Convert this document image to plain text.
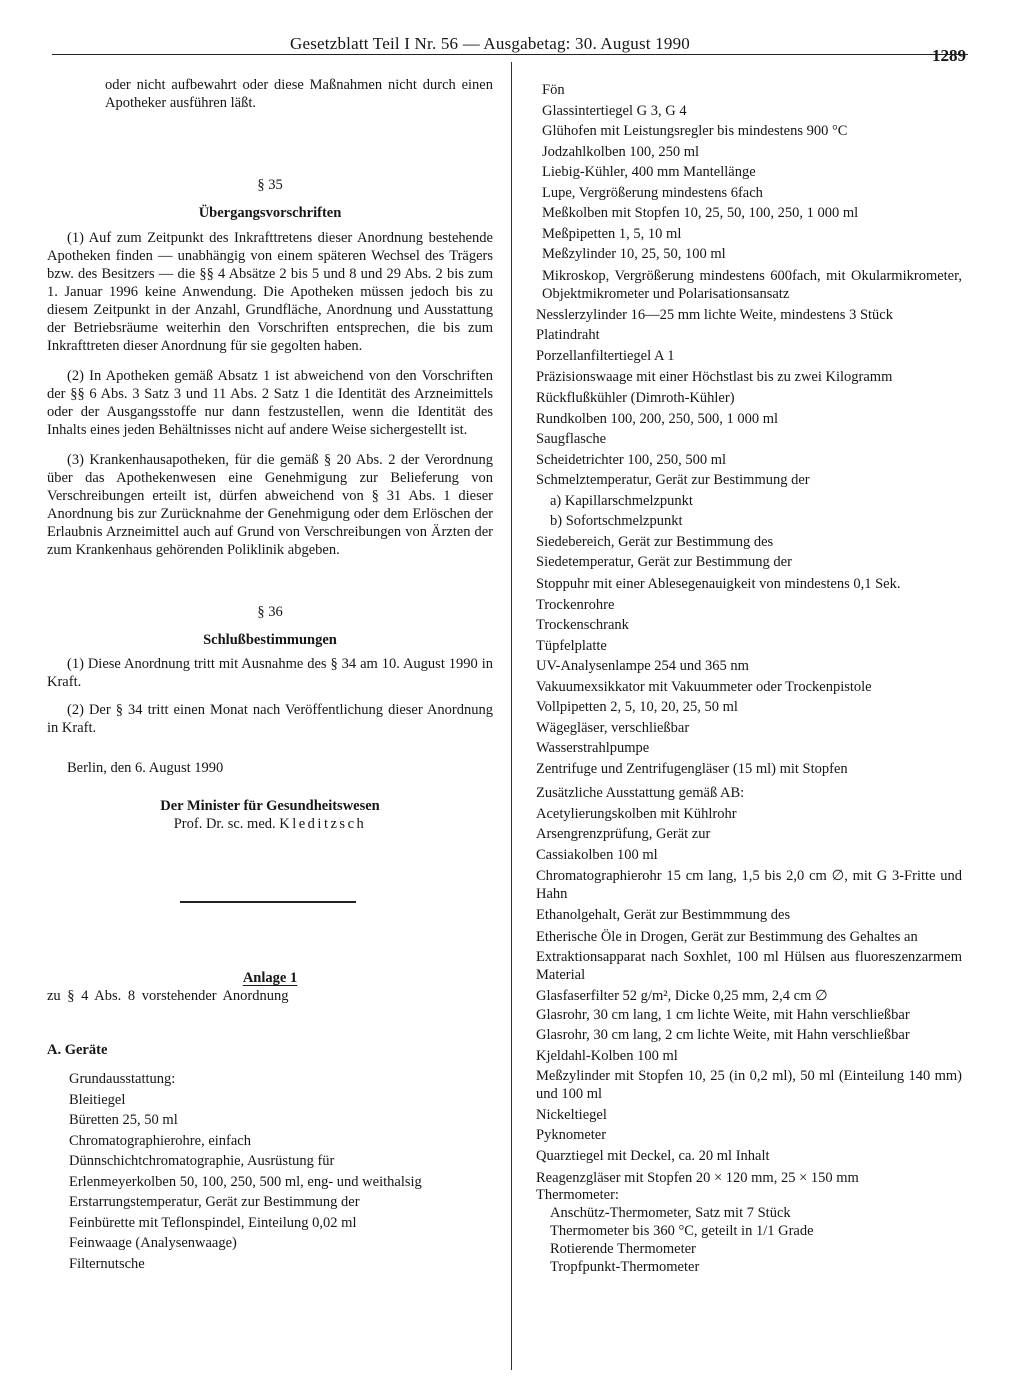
Gesetzblatt Teil I Nr. 56 — Ausgabetag: 30. August 1990
1289

oder nicht aufbewahrt oder diese Maßnahmen nicht durch einen Apotheker ausführen läßt.

§ 35

Übergangsvorschriften

(1) Auf zum Zeitpunkt des Inkrafttretens dieser Anordnung bestehende Apotheken finden — unabhängig von einem späteren Wechsel des Trägers bzw. des Besitzers — die §§ 4 Absätze 2 bis 5 und 8 und 29 Abs. 2 bis zum 1. Januar 1996 keine Anwendung. Die Apotheken müssen jedoch bis zu diesem Zeitpunkt in der Anzahl, Grundfläche, Anordnung und Ausstattung der Betriebsräume weiterhin den Vorschriften entsprechen, die bis zum Inkrafttreten dieser Anordnung für sie gegolten haben.

(2) In Apotheken gemäß Absatz 1 ist abweichend von den Vorschriften der §§ 6 Abs. 3 Satz 3 und 11 Abs. 2 Satz 1 die Identität des Arzneimittels oder der Ausgangsstoffe nur dann festzustellen, wenn die Identität des Inhalts eines jeden Behältnisses nicht auf andere Weise sichergestellt ist.

(3) Krankenhausapotheken, für die gemäß § 20 Abs. 2 der Verordnung über das Apothekenwesen eine Genehmigung zur Belieferung von Verschreibungen erteilt ist, dürfen abweichend von § 31 Abs. 1 dieser Anordnung bis zur Zurücknahme der Genehmigung oder dem Erlöschen der Erlaubnis Arzneimittel auch auf Grund von Verschreibungen von Ärzten der zum Krankenhaus gehörenden Poliklinik abgeben.

§ 36

Schlußbestimmungen

(1) Diese Anordnung tritt mit Ausnahme des § 34 am 10. August 1990 in Kraft.

(2) Der § 34 tritt einen Monat nach Veröffentlichung dieser Anordnung in Kraft.

Berlin, den 6. August 1990

Der Minister für Gesundheitswesen

Prof. Dr. sc. med. Kleditzsch

Anlage 1

zu § 4 Abs. 8 vorstehender Anordnung

A. Geräte

Grundausstattung:
Bleitiegel
Büretten 25, 50 ml
Chromatographierohre, einfach
Dünnschichtchromatographie, Ausrüstung für
Erlenmeyerkolben 50, 100, 250, 500 ml, eng- und weithalsig
Erstarrungstemperatur, Gerät zur Bestimmung der
Feinbürette mit Teflonspindel, Einteilung 0,02 ml
Feinwaage (Analysenwaage)
Filternutsche
Fön
Glassintertiegel G 3, G 4
Glühofen mit Leistungsregler bis mindestens 900 °C
Jodzahlkolben 100, 250 ml
Liebig-Kühler, 400 mm Mantellänge
Lupe, Vergrößerung mindestens 6fach
Meßkolben mit Stopfen 10, 25, 50, 100, 250, 1 000 ml
Meßpipetten 1, 5, 10 ml
Meßzylinder 10, 25, 50, 100 ml
Mikroskop, Vergrößerung mindestens 600fach, mit Okularmikrometer, Objektmikrometer und Polarisationsansatz
Nesslerzylinder 16—25 mm lichte Weite, mindestens 3 Stück
Platindraht
Porzellanfiltertiegel A 1
Präzisionswaage mit einer Höchstlast bis zu zwei Kilogramm
Rückflußkühler (Dimroth-Kühler)
Rundkolben 100, 200, 250, 500, 1 000 ml
Saugflasche
Scheidetrichter 100, 250, 500 ml
Schmelztemperatur, Gerät zur Bestimmung der
a) Kapillarschmelzpunkt
b) Sofortschmelzpunkt
Siedebereich, Gerät zur Bestimmung des
Siedetemperatur, Gerät zur Bestimmung der
Stoppuhr mit einer Ablesegenauigkeit von mindestens 0,1 Sek.
Trockenrohre
Trockenschrank
Tüpfelplatte
UV-Analysenlampe 254 und 365 nm
Vakuumexsikkator mit Vakuummeter oder Trockenpistole
Vollpipetten 2, 5, 10, 20, 25, 50 ml
Wägegläser, verschließbar
Wasserstrahlpumpe
Zentrifuge und Zentrifugengläser (15 ml) mit Stopfen
Zusätzliche Ausstattung gemäß AB:
Acetylierungskolben mit Kühlrohr
Arsengrenzprüfung, Gerät zur
Cassiakolben 100 ml
Chromatographierohr 15 cm lang, 1,5 bis 2,0 cm ∅, mit G 3-Fritte und Hahn
Ethanolgehalt, Gerät zur Bestimmmung des
Etherische Öle in Drogen, Gerät zur Bestimmung des Gehaltes an
Extraktionsapparat nach Soxhlet, 100 ml Hülsen aus fluoreszenzarmem Material
Glasfaserfilter 52 g/m², Dicke 0,25 mm, 2,4 cm ∅
Glasrohr, 30 cm lang, 1 cm lichte Weite, mit Hahn verschließbar
Glasrohr, 30 cm lang, 2 cm lichte Weite, mit Hahn verschließbar
Kjeldahl-Kolben 100 ml
Meßzylinder mit Stopfen 10, 25 (in 0,2 ml), 50 ml (Einteilung 140 mm) und 100 ml
Nickeltiegel
Pyknometer
Quarztiegel mit Deckel, ca. 20 ml Inhalt
Reagenzgläser mit Stopfen 20 × 120 mm, 25 × 150 mm
Thermometer:
Anschütz-Thermometer, Satz mit 7 Stück
Thermometer bis 360 °C, geteilt in 1/1 Grade
Rotierende Thermometer
Tropfpunkt-Thermometer
